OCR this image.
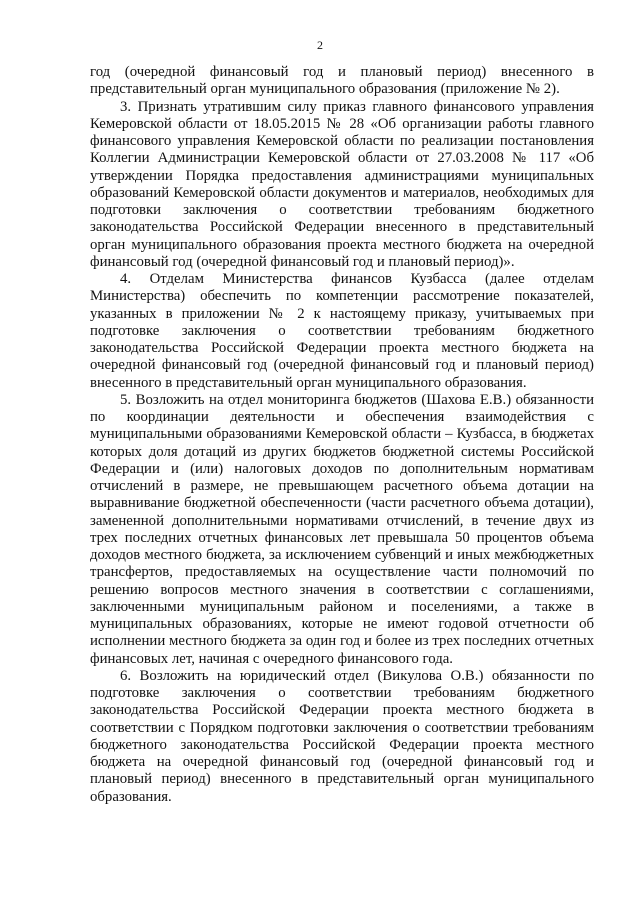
2

год (очередной финансовый год и плановый период) внесенного в представительный орган муниципального образования (приложение № 2).

3. Признать утратившим силу приказ главного финансового управления Кемеровской области от 18.05.2015 № 28 «Об организации работы главного финансового управления Кемеровской области по реализации постановления Коллегии Администрации Кемеровской области от 27.03.2008 № 117 «Об утверждении Порядка предоставления администрациями муниципальных образований Кемеровской области документов и материалов, необходимых для подготовки заключения о соответствии требованиям бюджетного законодательства Российской Федерации внесенного в представительный орган муниципального образования проекта местного бюджета на очередной финансовый год (очередной финансовый год и плановый период)».

4. Отделам Министерства финансов Кузбасса (далее отделам Министерства) обеспечить по компетенции рассмотрение показателей, указанных в приложении № 2 к настоящему приказу, учитываемых при подготовке заключения о соответствии требованиям бюджетного законодательства Российской Федерации проекта местного бюджета на очередной финансовый год (очередной финансовый год и плановый период) внесенного в представительный орган муниципального образования.

5. Возложить на отдел мониторинга бюджетов (Шахова Е.В.) обязанности по координации деятельности и обеспечения взаимодействия с муниципальными образованиями Кемеровской области – Кузбасса, в бюджетах которых доля дотаций из других бюджетов бюджетной системы Российской Федерации и (или) налоговых доходов по дополнительным нормативам отчислений в размере, не превышающем расчетного объема дотации на выравнивание бюджетной обеспеченности (части расчетного объема дотации), замененной дополнительными нормативами отчислений, в течение двух из трех последних отчетных финансовых лет превышала 50 процентов объема доходов местного бюджета, за исключением субвенций и иных межбюджетных трансфертов, предоставляемых на осуществление части полномочий по решению вопросов местного значения в соответствии с соглашениями, заключенными муниципальным районом и поселениями, а также в муниципальных образованиях, которые не имеют годовой отчетности об исполнении местного бюджета за один год и более из трех последних отчетных финансовых лет, начиная с очередного финансового года.

6. Возложить на юридический отдел (Викулова О.В.) обязанности по подготовке заключения о соответствии требованиям бюджетного законодательства Российской Федерации проекта местного бюджета в соответствии с Порядком подготовки заключения о соответствии требованиям бюджетного законодательства Российской Федерации проекта местного бюджета на очередной финансовый год (очередной финансовый год и плановый период) внесенного в представительный орган муниципального образования.
